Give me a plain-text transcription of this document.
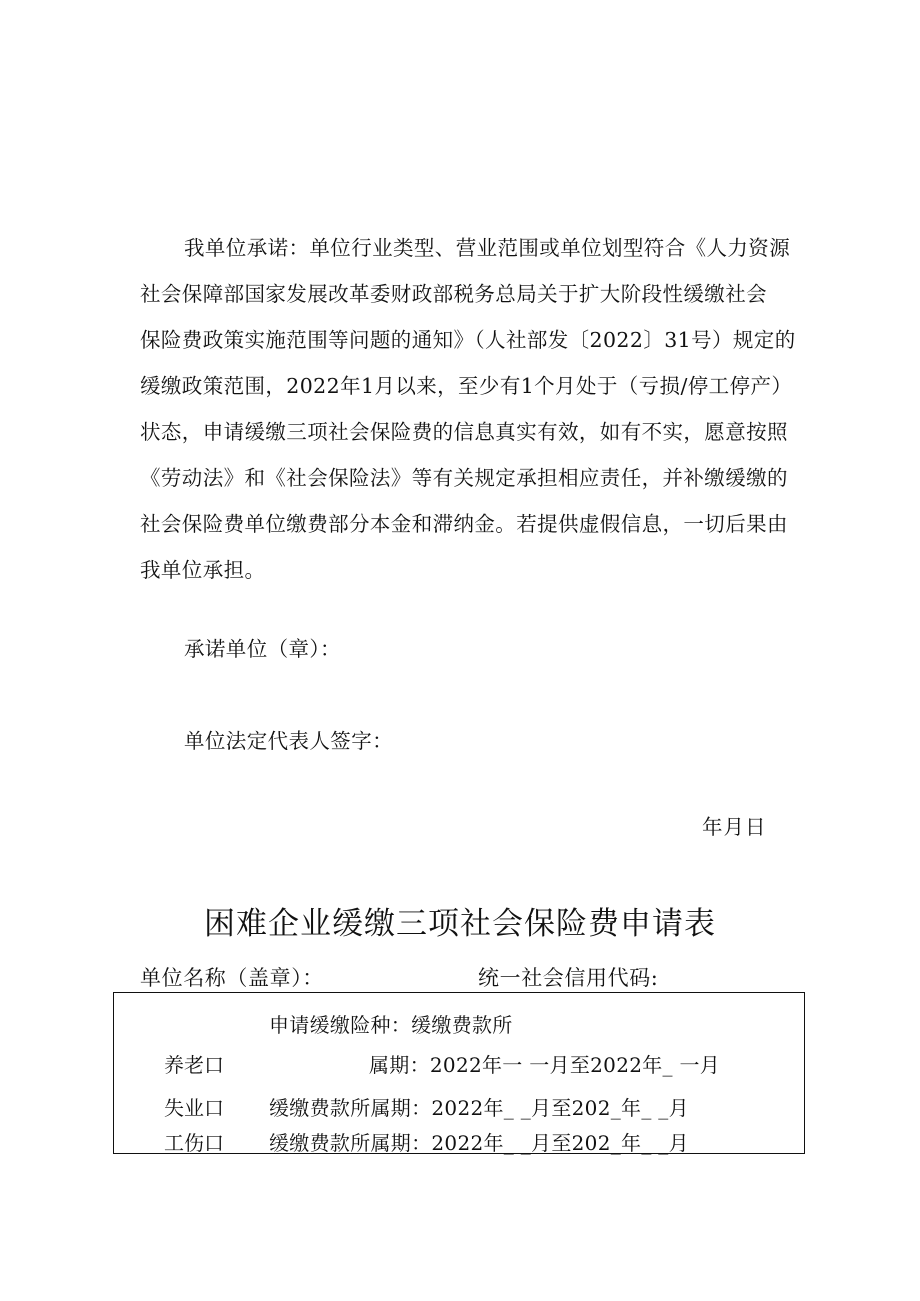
我单位承诺：单位行业类型、营业范围或单位划型符合《人力资源
社会保障部国家发展改革委财政部税务总局关于扩大阶段性缓缴社会
保险费政策实施范围等问题的通知》（人社部发〔2022〕31号）规定的
缓缴政策范围，2022年1月以来，至少有1个月处于（亏损/停工停产）
状态，申请缓缴三项社会保险费的信息真实有效，如有不实，愿意按照
《劳动法》和《社会保险法》等有关规定承担相应责任，并补缴缓缴的
社会保险费单位缴费部分本金和滞纳金。若提供虚假信息，一切后果由
我单位承担。
承诺单位（章）：
单位法定代表人签字：
年月日
困难企业缓缴三项社会保险费申请表
单位名称（盖章）：	统一社会信用代码:
申请缓缴险种：缓缴费款所
养老口	属期：2022年一 一月至2022年_ 一月
失业口 缓缴费款所属期：2022年_ _月至202_年_ _月
工伤口 缓缴费款所属期：2022年_ _月至202_年_ _月
